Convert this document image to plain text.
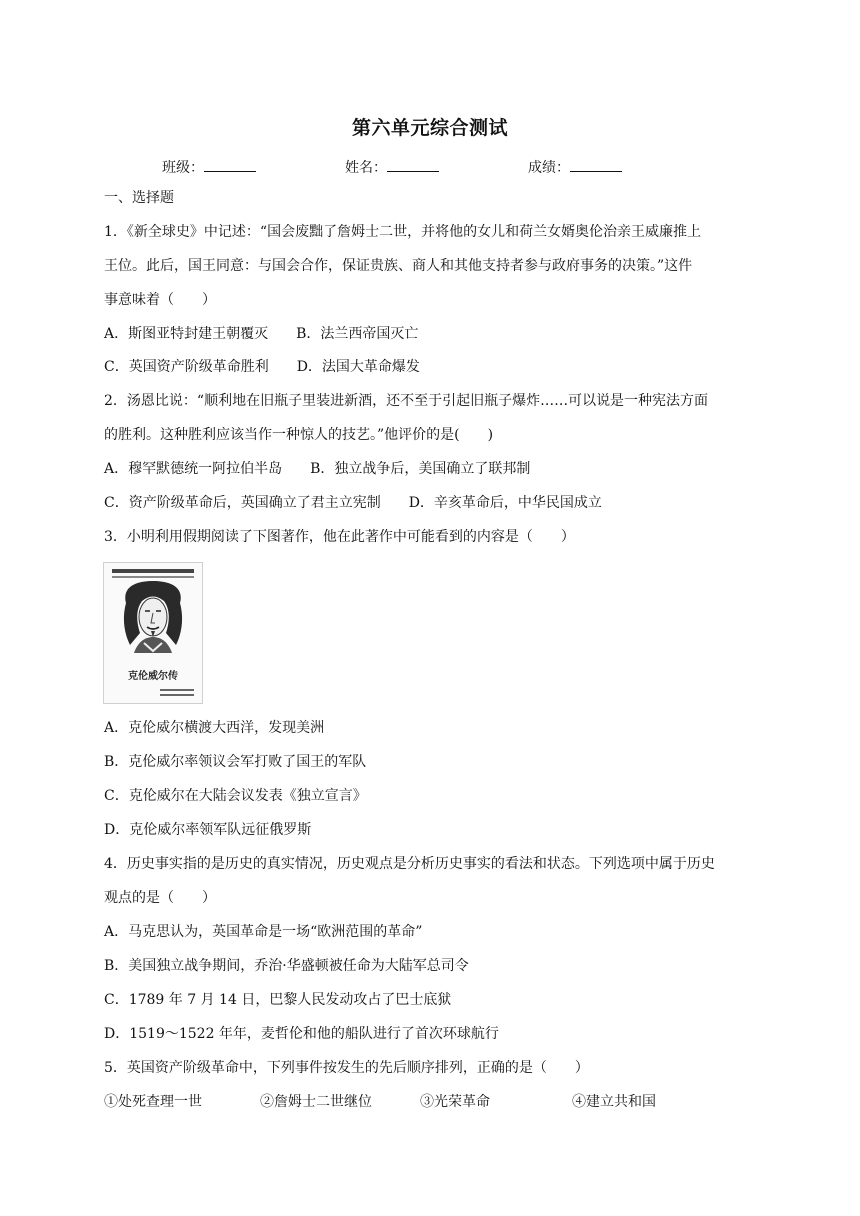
第六单元综合测试
班级：	姓名：	成绩：
一、选择题
1．《新全球史》中记述：“国会废黜了詹姆士二世，并将他的女儿和荷兰女婿奥伦治亲王威廉推上
王位。此后，国王同意：与国会合作，保证贵族、商人和其他支持者参与政府事务的决策。”这件
事意味着（　　）
A．斯图亚特封建王朝覆灭　　B．法兰西帝国灭亡
C．英国资产阶级革命胜利　　D．法国大革命爆发
2．汤恩比说：“顺利地在旧瓶子里装进新酒，还不至于引起旧瓶子爆炸……可以说是一种宪法方面
的胜利。这种胜利应该当作一种惊人的技艺。”他评价的是(　　)
A．穆罕默德统一阿拉伯半岛　　B．独立战争后，美国确立了联邦制
C．资产阶级革命后，英国确立了君主立宪制　　D．辛亥革命后，中华民国成立
3．小明利用假期阅读了下图著作，他在此著作中可能看到的内容是（　　）
克伦威尔传
A．克伦威尔横渡大西洋，发现美洲
B．克伦威尔率领议会军打败了国王的军队
C．克伦威尔在大陆会议发表《独立宣言》
D．克伦威尔率领军队远征俄罗斯
4．历史事实指的是历史的真实情况，历史观点是分析历史事实的看法和状态。下列选项中属于历史
观点的是（　　）
A．马克思认为，英国革命是一场“欧洲范围的革命”
B．美国独立战争期间，乔治·华盛顿被任命为大陆军总司令
C．1789 年 7 月 14 日，巴黎人民发动攻占了巴士底狱
D．1519～1522 年年，麦哲伦和他的船队进行了首次环球航行
5．英国资产阶级革命中，下列事件按发生的先后顺序排列，正确的是（　　）
①处死查理一世	②詹姆士二世继位	③光荣革命	④建立共和国
